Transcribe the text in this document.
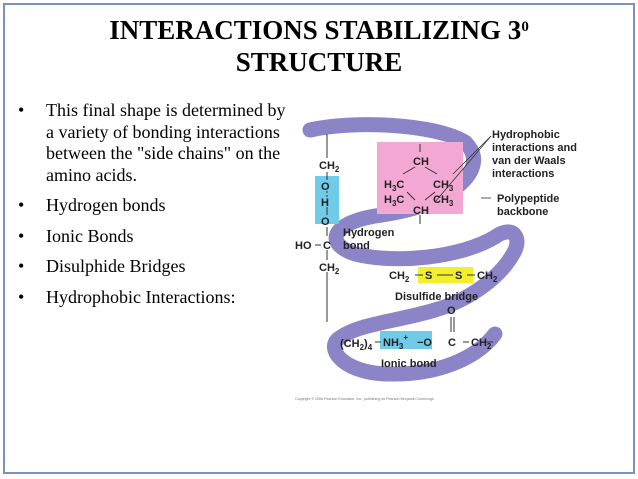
INTERACTIONS STABILIZING $3^0$
STRUCTURE
• This final shape is determined by a variety of bonding interactions between the "side chains" on the amino acids.
• Hydrogen bonds
• Ionic Bonds
• Disulphide Bridges
• Hydrophobic Interactions:
$CH_2$
O
H
O
HO C
$CH_2$
CH
$H_3C$	$CH_3$
$H_3C$	$CH_3$
CH
$CH_2$ S S $CH_2$
$(CH_2)_4$ $NH_3^+ -O$
O
C $CH_2$
Hydrophobic
interactions and
van der Waals
interactions
Polypeptide
backbone
Hydrogen
bond
Disulfide bridge
Ionic bond
Copyright © 2008 Pearson Education, Inc., publishing as Pearson Benjamin Cummings.
